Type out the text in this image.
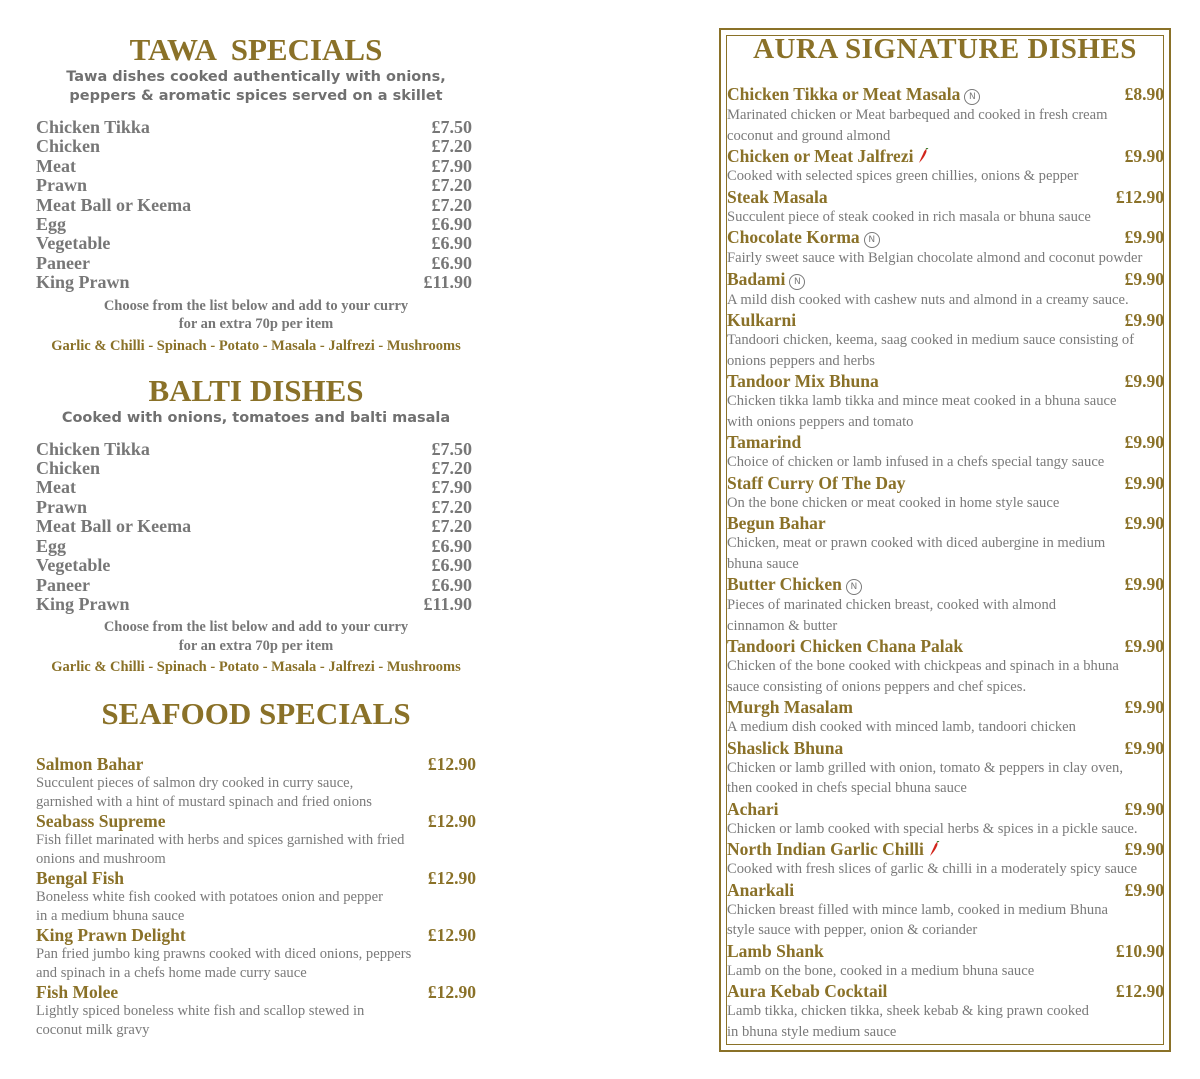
TAWA  SPECIALS
Tawa dishes cooked authentically with onions,
peppers & aromatic spices served on a skillet
Chicken Tikka	£7.50
Chicken	£7.20
Meat	£7.90
Prawn	£7.20
Meat Ball or Keema	£7.20
Egg	£6.90
Vegetable	£6.90
Paneer	£6.90
King Prawn	£11.90
Choose from the list below and add to your curry
for an extra 70p per item
Garlic & Chilli - Spinach - Potato - Masala - Jalfrezi - Mushrooms
BALTI DISHES
Cooked with onions, tomatoes and balti masala
Chicken Tikka	£7.50
Chicken	£7.20
Meat	£7.90
Prawn	£7.20
Meat Ball or Keema	£7.20
Egg	£6.90
Vegetable	£6.90
Paneer	£6.90
King Prawn	£11.90
Choose from the list below and add to your curry
for an extra 70p per item
Garlic & Chilli - Spinach - Potato - Masala - Jalfrezi - Mushrooms
SEAFOOD SPECIALS
Salmon Bahar	£12.90
Succulent pieces of salmon dry cooked in curry sauce,
garnished with a hint of mustard spinach and fried onions
Seabass Supreme	£12.90
Fish fillet marinated with herbs and spices garnished with fried
onions and mushroom
Bengal Fish	£12.90
Boneless white fish cooked with potatoes onion and pepper
in a medium bhuna sauce
King Prawn Delight	£12.90
Pan fried jumbo king prawns cooked with diced onions, peppers
and spinach in a chefs home made curry sauce
Fish Molee	£12.90
Lightly spiced boneless white fish and scallop stewed in
coconut milk gravy
AURA SIGNATURE DISHES
Chicken Tikka or Meat Masala N	£8.90
Marinated chicken or Meat barbequed and cooked in fresh cream
coconut and ground almond
Chicken or Meat Jalfrezi	£9.90
Cooked with selected spices green chillies, onions & pepper
Steak Masala	£12.90
Succulent piece of steak cooked in rich masala or bhuna sauce
Chocolate Korma N	£9.90
Fairly sweet sauce with Belgian chocolate almond and coconut powder
Badami N	£9.90
A mild dish cooked with cashew nuts and almond in a creamy sauce.
Kulkarni	£9.90
Tandoori chicken, keema, saag cooked in medium sauce consisting of
onions peppers and herbs
Tandoor Mix Bhuna	£9.90
Chicken tikka lamb tikka and mince meat cooked in a bhuna sauce
with onions peppers and tomato
Tamarind	£9.90
Choice of chicken or lamb infused in a chefs special tangy sauce
Staff Curry Of The Day	£9.90
On the bone chicken or meat cooked in home style sauce
Begun Bahar	£9.90
Chicken, meat or prawn cooked with diced aubergine in medium
bhuna sauce
Butter Chicken N	£9.90
Pieces of marinated chicken breast, cooked with almond
cinnamon & butter
Tandoori Chicken Chana Palak	£9.90
Chicken of the bone cooked with chickpeas and spinach in a bhuna
sauce consisting of onions peppers and chef spices.
Murgh Masalam	£9.90
A medium dish cooked with minced lamb, tandoori chicken
Shaslick Bhuna	£9.90
Chicken or lamb grilled with onion, tomato & peppers in clay oven,
then cooked in chefs special bhuna sauce
Achari	£9.90
Chicken or lamb cooked with special herbs & spices in a pickle sauce.
North Indian Garlic Chilli	£9.90
Cooked with fresh slices of garlic & chilli in a moderately spicy sauce
Anarkali	£9.90
Chicken breast filled with mince lamb, cooked in medium Bhuna
style sauce with pepper, onion & coriander
Lamb Shank	£10.90
Lamb on the bone, cooked in a medium bhuna sauce
Aura Kebab Cocktail	£12.90
Lamb tikka, chicken tikka, sheek kebab & king prawn cooked
in bhuna style medium sauce
